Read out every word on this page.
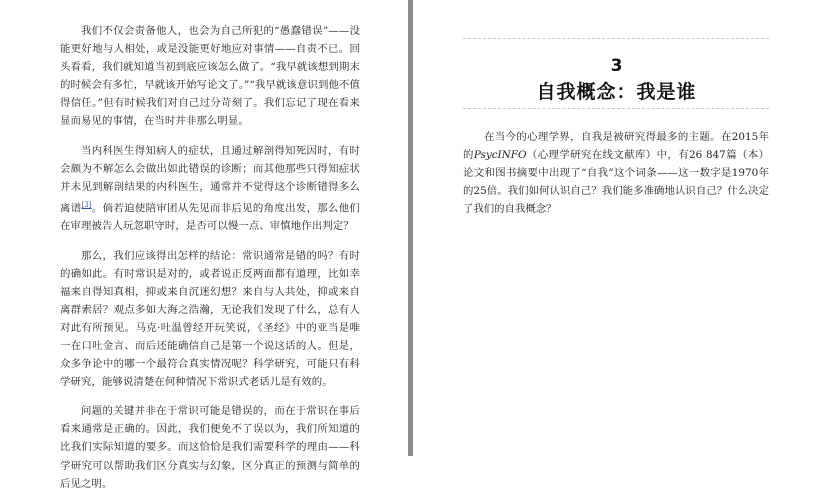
我们不仅会责备他人，也会为自己所犯的“愚蠢错误”——没能更好地与人相处，或是没能更好地应对事情——自责不已。回头看看，我们就知道当初到底应该怎么做了。“我早就该想到期末的时候会有多忙，早就该开始写论文了。”“我早就该意识到他不值得信任。”但有时候我们对自己过分苛刻了。我们忘记了现在看来显而易见的事情，在当时并非那么明显。

当内科医生得知病人的症状，且通过解剖得知死因时，有时会颇为不解怎么会做出如此错误的诊断；而其他那些只得知症状并未见到解剖结果的内科医生，通常并不觉得这个诊断错得多么离谱[3]。倘若迫使陪审团从先见而非后见的角度出发，那么他们在审理被告人玩忽职守时，是否可以慢一点、审慎地作出判定？

那么，我们应该得出怎样的结论：常识通常是错的吗？有时的确如此。有时常识是对的，或者说正反两面都有道理，比如幸福来自得知真相，抑或来自沉迷幻想？来自与人共处，抑或来自离群索居？观点多如大海之浩瀚，无论我们发现了什么，总有人对此有所预见。马克·吐温曾经开玩笑说，《圣经》中的亚当是唯一在口吐金言、而后还能确信自己是第一个说这话的人。但是，众多争论中的哪一个最符合真实情况呢？科学研究，可能只有科学研究，能够说清楚在何种情况下常识式老话儿是有效的。

问题的关键并非在于常识可能是错误的，而在于常识在事后看来通常是正确的。因此，我们便免不了误以为，我们所知道的比我们实际知道的要多。而这恰恰是我们需要科学的理由——科学研究可以帮助我们区分真实与幻象，区分真正的预测与简单的后见之明。

3
自我概念：我是谁

在当今的心理学界，自我是被研究得最多的主题。在2015年的PsycINFO（心理学研究在线文献库）中，有26 847篇（本）论文和图书摘要中出现了“自我”这个词条——这一数字是1970年的25倍。我们如何认识自己？我们能多准确地认识自己？什么决定了我们的自我概念？
